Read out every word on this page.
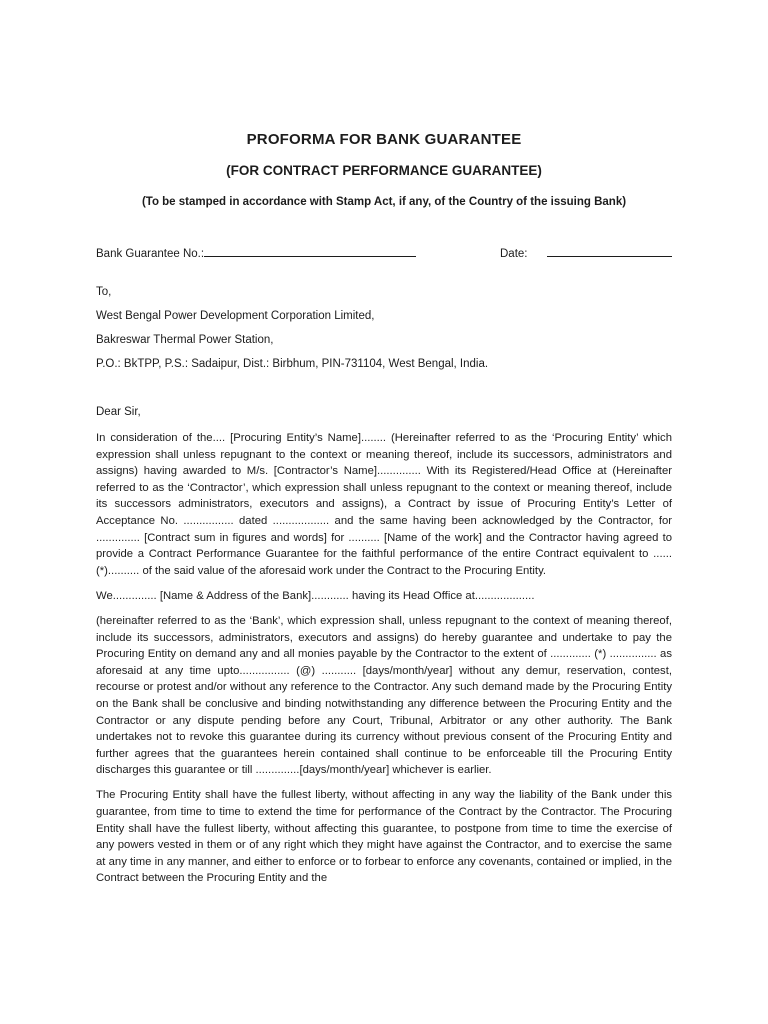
PROFORMA FOR BANK GUARANTEE
(FOR CONTRACT PERFORMANCE GUARANTEE)
(To be stamped in accordance with Stamp Act, if any, of the Country of the issuing Bank)
Bank Guarantee No.:	Date:
To,
West Bengal Power Development Corporation Limited,
Bakreswar Thermal Power Station,
P.O.: BkTPP, P.S.: Sadaipur, Dist.: Birbhum, PIN-731104, West Bengal, India.
Dear Sir,

In consideration of the.... [Procuring Entity’s Name]........ (Hereinafter referred to as the ‘Procuring Entity’ which expression shall unless repugnant to the context or meaning thereof, include its successors, administrators and assigns) having awarded to M/s. [Contractor’s Name].............. With its Registered/Head Office at (Hereinafter referred to as the ‘Contractor’, which expression shall unless repugnant to the context or meaning thereof, include its successors administrators, executors and assigns), a Contract by issue of Procuring Entity’s Letter of Acceptance No. ................ dated .................. and the same having been acknowledged by the Contractor, for .............. [Contract sum in figures and words] for .......... [Name of the work] and the Contractor having agreed to provide a Contract Performance Guarantee for the faithful performance of the entire Contract equivalent to ...... (*).......... of the said value of the aforesaid work under the Contract to the Procuring Entity.

We.............. [Name & Address of the Bank]............ having its Head Office at...................

(hereinafter referred to as the ‘Bank’, which expression shall, unless repugnant to the context of meaning thereof, include its successors, administrators, executors and assigns) do hereby guarantee and undertake to pay the Procuring Entity on demand any and all monies payable by the Contractor to the extent of ............. (*) ............... as aforesaid at any time upto................ (@) ........... [days/month/year] without any demur, reservation, contest, recourse or protest and/or without any reference to the Contractor. Any such demand made by the Procuring Entity on the Bank shall be conclusive and binding notwithstanding any difference between the Procuring Entity and the Contractor or any dispute pending before any Court, Tribunal, Arbitrator or any other authority. The Bank undertakes not to revoke this guarantee during its currency without previous consent of the Procuring Entity and further agrees that the guarantees herein contained shall continue to be enforceable till the Procuring Entity discharges this guarantee or till ..............[days/month/year] whichever is earlier.

The Procuring Entity shall have the fullest liberty, without affecting in any way the liability of the Bank under this guarantee, from time to time to extend the time for performance of the Contract by the Contractor. The Procuring Entity shall have the fullest liberty, without affecting this guarantee, to postpone from time to time the exercise of any powers vested in them or of any right which they might have against the Contractor, and to exercise the same at any time in any manner, and either to enforce or to forbear to enforce any covenants, contained or implied, in the Contract between the Procuring Entity and the
